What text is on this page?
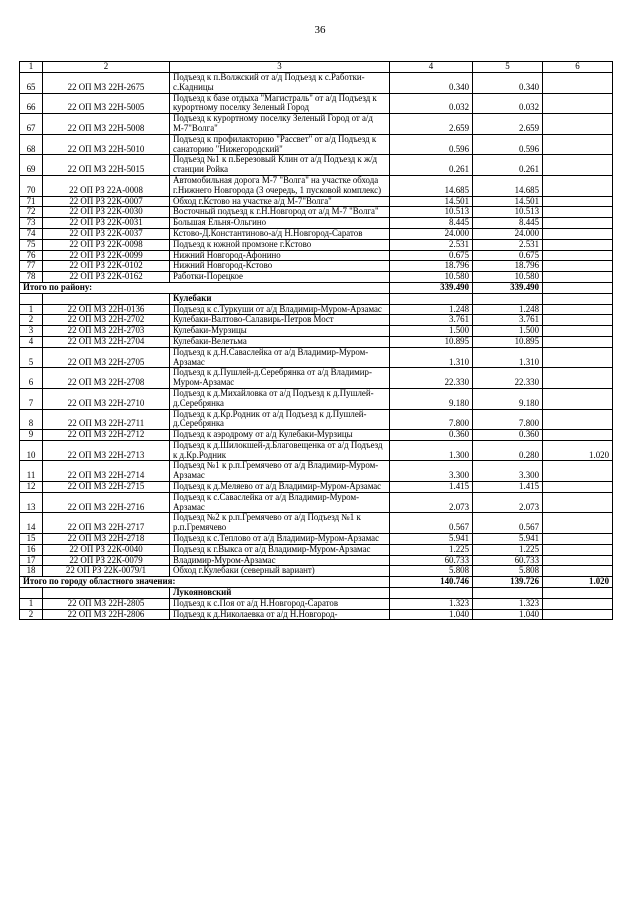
36
1	2	3	4	5	6
65	22 ОП МЗ 22Н-2675	Подъезд к п.Волжский от а/д Подъезд к с.Работки-с.Кадницы	0.340	0.340	
66	22 ОП МЗ 22Н-5005	Подъезд к базе отдыха "Магистраль" от а/д Подъезд к курортному поселку Зеленый Город	0.032	0.032	
67	22 ОП МЗ 22Н-5008	Подъезд к курортному поселку Зеленый Город от а/д М-7"Волга"	2.659	2.659	
68	22 ОП МЗ 22Н-5010	Подъезд к профилакторию "Рассвет" от а/д Подъезд к санаторию "Нижегородский"	0.596	0.596	
69	22 ОП МЗ 22Н-5015	Подъезд №1 к п.Березовый Клин от а/д Подъезд к ж/д станции Ройка	0.261	0.261	
70	22 ОП РЗ 22А-0008	Автомобильная дорога М-7 "Волга" на участке обхода г.Нижнего Новгорода (3 очередь, 1 пусковой комплекс)	14.685	14.685	
71	22 ОП РЗ 22К-0007	Обход г.Кстово на участке а/д М-7"Волга"	14.501	14.501	
72	22 ОП РЗ 22К-0030	Восточный подъезд к г.Н.Новгород от а/д М-7 "Волга"	10.513	10.513	
73	22 ОП РЗ 22К-0031	Большая Ельня-Ольгино	8.445	8.445	
74	22 ОП РЗ 22К-0037	Кстово-Д.Константиново-а/д Н.Новгород-Саратов	24.000	24.000	
75	22 ОП РЗ 22К-0098	Подъезд к южной промзоне г.Кстово	2.531	2.531	
76	22 ОП РЗ 22К-0099	Нижний Новгород-Афонино	0.675	0.675	
77	22 ОП РЗ 22К-0102	Нижний Новгород-Кстово	18.796	18.796	
78	22 ОП РЗ 22К-0162	Работки-Порецкое	10.580	10.580	
Итого по району:			339.490	339.490	
		Кулебаки			
1	22 ОП МЗ 22Н-0136	Подъезд к с.Туркуши от а/д Владимир-Муром-Арзамас	1.248	1.248	
2	22 ОП МЗ 22Н-2702	Кулебаки-Валтово-Салавирь-Петров Мост	3.761	3.761	
3	22 ОП МЗ 22Н-2703	Кулебаки-Мурзицы	1.500	1.500	
4	22 ОП МЗ 22Н-2704	Кулебаки-Велетьма	10.895	10.895	
5	22 ОП МЗ 22Н-2705	Подъезд к д.Н.Саваслейка от а/д Владимир-Муром-Арзамас	1.310	1.310	
6	22 ОП МЗ 22Н-2708	Подъезд к д.Пушлей-д.Серебрянка от а/д Владимир-Муром-Арзамас	22.330	22.330	
7	22 ОП МЗ 22Н-2710	Подъезд к д.Михайловка от а/д Подъезд к д.Пушлей-д.Серебрянка	9.180	9.180	
8	22 ОП МЗ 22Н-2711	Подъезд к д.Кр.Родник от а/д Подъезд к д.Пушлей-д.Серебрянка	7.800	7.800	
9	22 ОП МЗ 22Н-2712	Подъезд к аэродрому от а/д Кулебаки-Мурзицы	0.360	0.360	
10	22 ОП МЗ 22Н-2713	Подъезд к д.Шилокшей-д.Благовещенка от а/д Подъезд к д.Кр.Родник	1.300	0.280	1.020
11	22 ОП МЗ 22Н-2714	Подъезд №1 к р.п.Гремячево от а/д Владимир-Муром-Арзамас	3.300	3.300	
12	22 ОП МЗ 22Н-2715	Подъезд к д.Меляево от а/д Владимир-Муром-Арзамас	1.415	1.415	
13	22 ОП МЗ 22Н-2716	Подъезд к с.Саваслейка от а/д Владимир-Муром-Арзамас	2.073	2.073	
14	22 ОП МЗ 22Н-2717	Подъезд №2 к р.п.Гремячево от а/д Подъезд №1 к р.п.Гремячево	0.567	0.567	
15	22 ОП МЗ 22Н-2718	Подъезд к с.Теплово от а/д Владимир-Муром-Арзамас	5.941	5.941	
16	22 ОП РЗ 22К-0040	Подъезд к г.Выкса от а/д Владимир-Муром-Арзамас	1.225	1.225	
17	22 ОП РЗ 22К-0079	Владимир-Муром-Арзамас	60.733	60.733	
18	22 ОП РЗ 22К-0079/1	Обход г.Кулебаки (северный вариант)	5.808	5.808	
Итого по городу областного значения:			140.746	139.726	1.020
		Лукояновский			
1	22 ОП МЗ 22Н-2805	Подъезд к с.Поя от а/д Н.Новгород-Саратов	1.323	1.323	
2	22 ОП МЗ 22Н-2806	Подъезд к д.Николаевка от а/д Н.Новгород-	1.040	1.040	
